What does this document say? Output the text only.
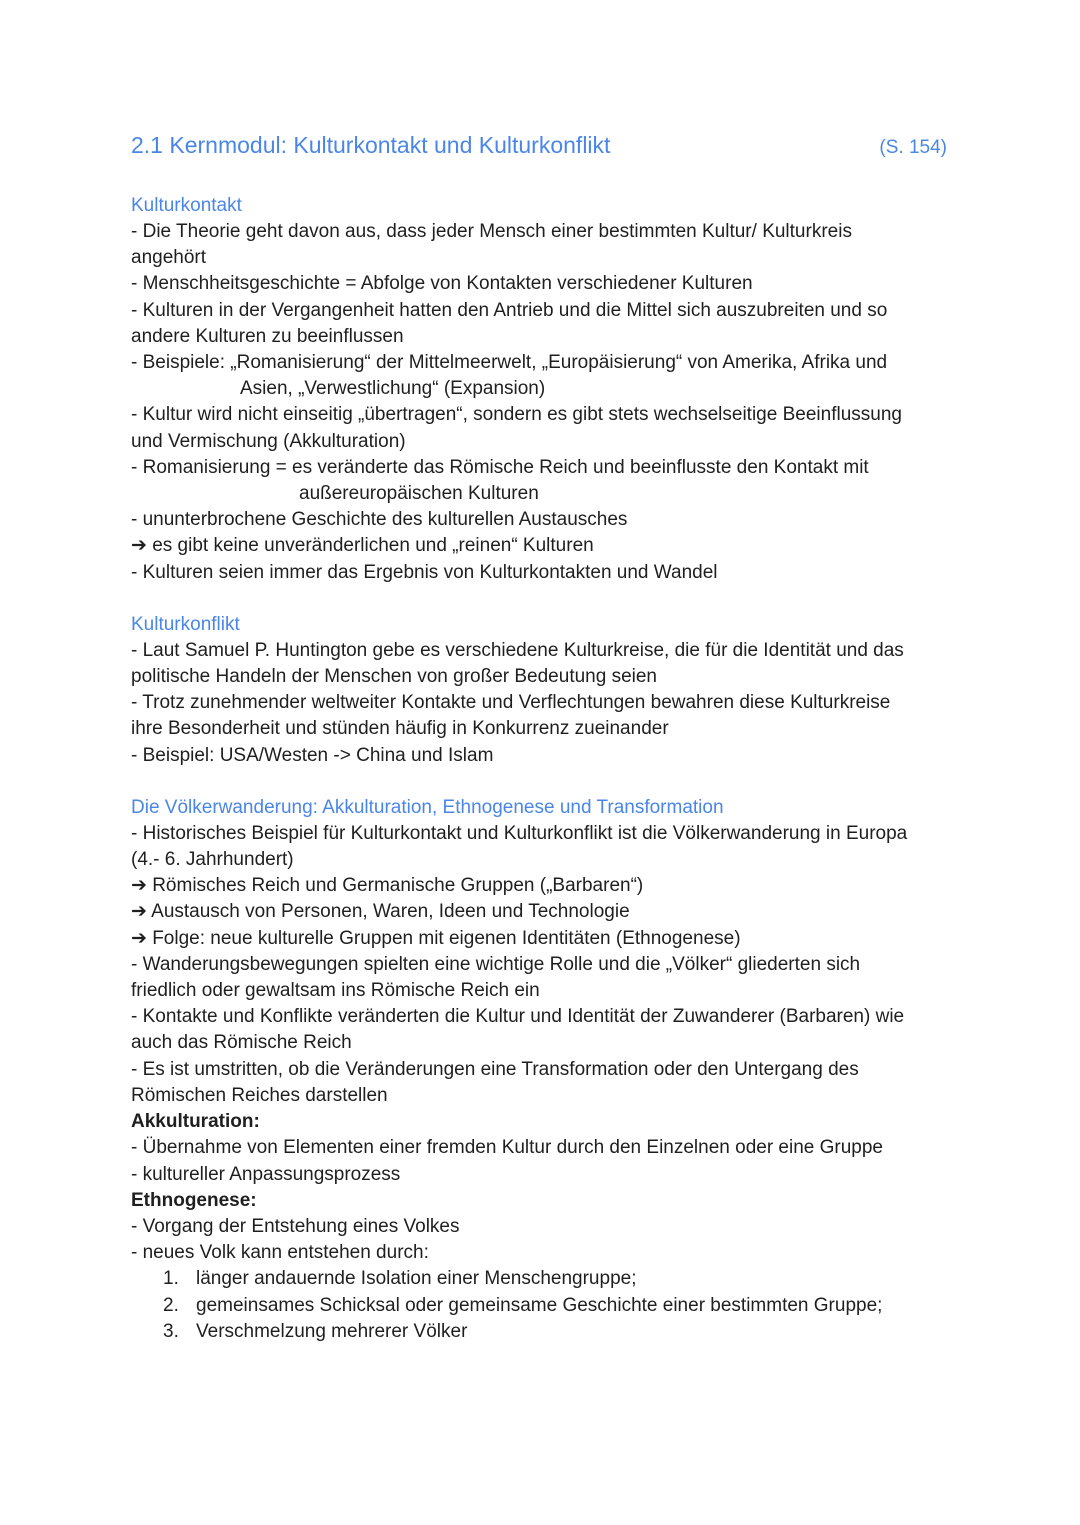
2.1 Kernmodul: Kulturkontakt und Kulturkonflikt	(S. 154)
Kulturkontakt
- Die Theorie geht davon aus, dass jeder Mensch einer bestimmten Kultur/ Kulturkreis
angehört
- Menschheitsgeschichte = Abfolge von Kontakten verschiedener Kulturen
- Kulturen in der Vergangenheit hatten den Antrieb und die Mittel sich auszubreiten und so
andere Kulturen zu beeinflussen
- Beispiele: „Romanisierung“ der Mittelmeerwelt, „Europäisierung“ von Amerika, Afrika und
Asien, „Verwestlichung“ (Expansion)
- Kultur wird nicht einseitig „übertragen“, sondern es gibt stets wechselseitige Beeinflussung
und Vermischung (Akkulturation)
- Romanisierung = es veränderte das Römische Reich und beeinflusste den Kontakt mit
außereuropäischen Kulturen
- ununterbrochene Geschichte des kulturellen Austausches
➔ es gibt keine unveränderlichen und „reinen“ Kulturen
- Kulturen seien immer das Ergebnis von Kulturkontakten und Wandel
Kulturkonflikt
- Laut Samuel P. Huntington gebe es verschiedene Kulturkreise, die für die Identität und das
politische Handeln der Menschen von großer Bedeutung seien
- Trotz zunehmender weltweiter Kontakte und Verflechtungen bewahren diese Kulturkreise
ihre Besonderheit und stünden häufig in Konkurrenz zueinander
- Beispiel: USA/Westen -> China und Islam
Die Völkerwanderung: Akkulturation, Ethnogenese und Transformation
- Historisches Beispiel für Kulturkontakt und Kulturkonflikt ist die Völkerwanderung in Europa
(4.- 6. Jahrhundert)
➔ Römisches Reich und Germanische Gruppen („Barbaren“)
➔ Austausch von Personen, Waren, Ideen und Technologie
➔ Folge: neue kulturelle Gruppen mit eigenen Identitäten (Ethnogenese)
- Wanderungsbewegungen spielten eine wichtige Rolle und die „Völker“ gliederten sich
friedlich oder gewaltsam ins Römische Reich ein
- Kontakte und Konflikte veränderten die Kultur und Identität der Zuwanderer (Barbaren) wie
auch das Römische Reich
- Es ist umstritten, ob die Veränderungen eine Transformation oder den Untergang des
Römischen Reiches darstellen
Akkulturation:
- Übernahme von Elementen einer fremden Kultur durch den Einzelnen oder eine Gruppe
- kultureller Anpassungsprozess
Ethnogenese:
- Vorgang der Entstehung eines Volkes
- neues Volk kann entstehen durch:
1. länger andauernde Isolation einer Menschengruppe;
2. gemeinsames Schicksal oder gemeinsame Geschichte einer bestimmten Gruppe;
3. Verschmelzung mehrerer Völker
